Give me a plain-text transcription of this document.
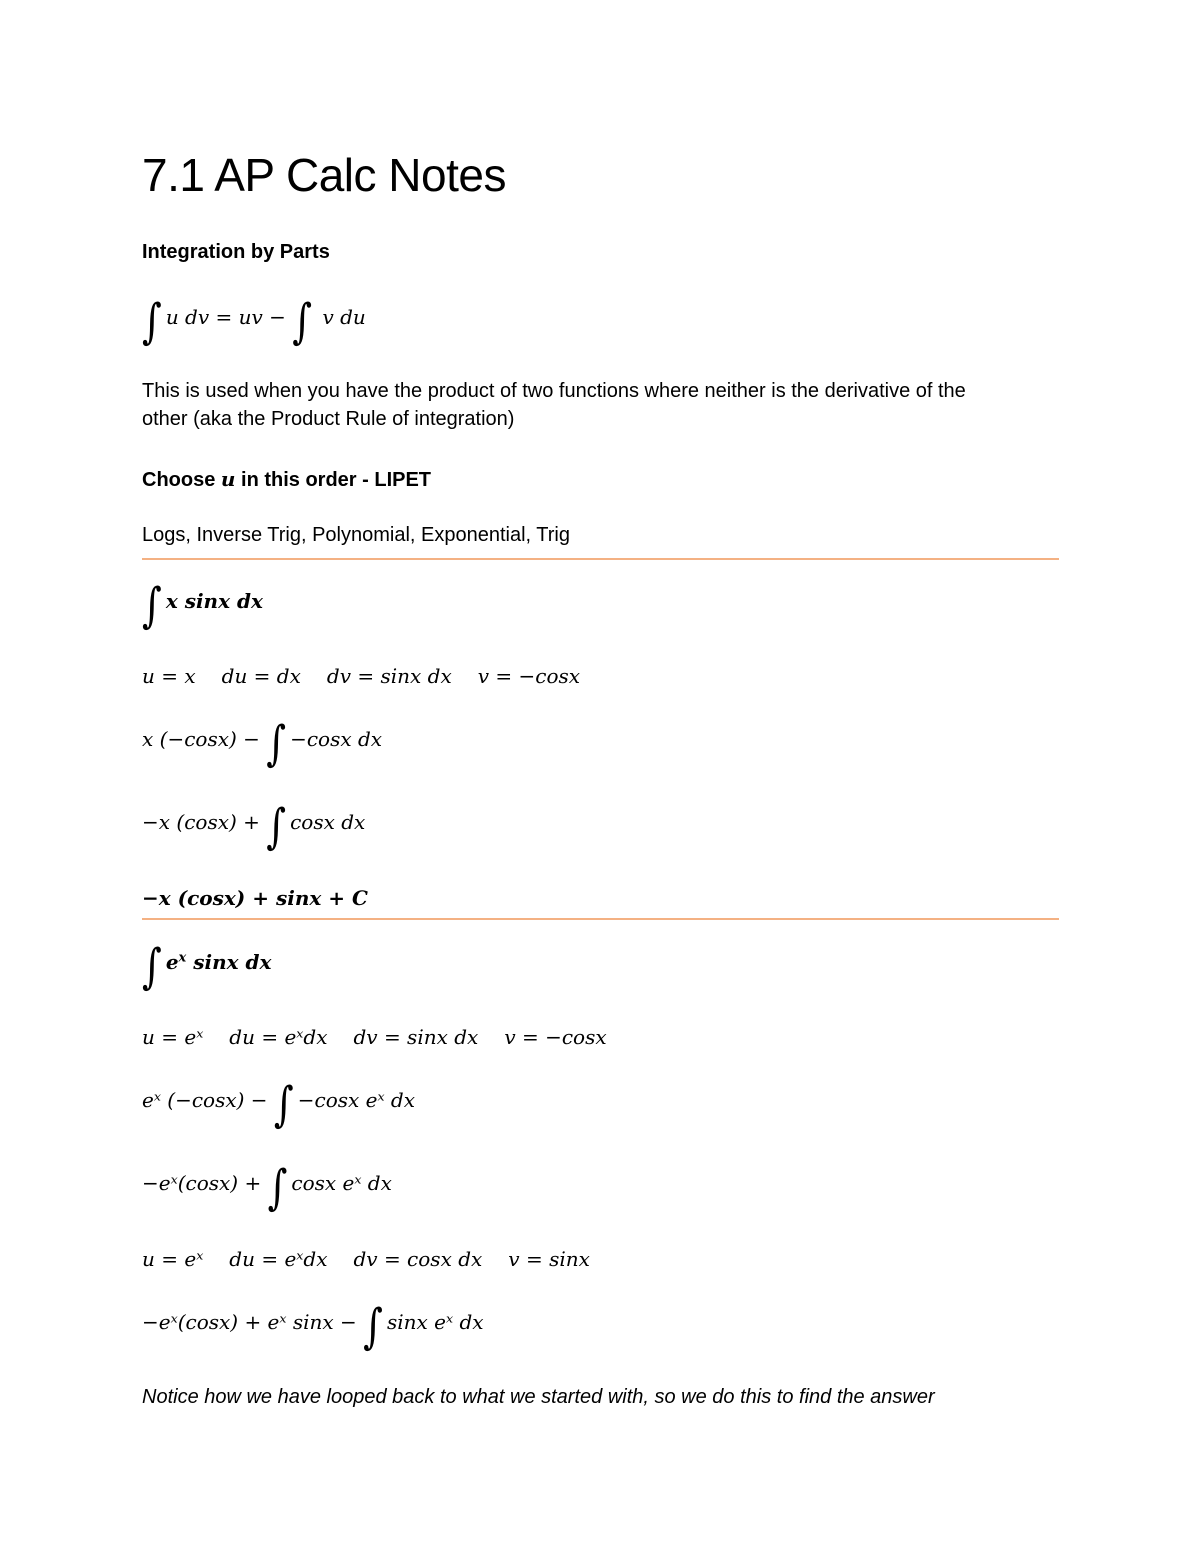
7.1 AP Calc Notes
Integration by Parts
∫ u dv = uv − ∫ v du
This is used when you have the product of two functions where neither is the derivative of the
other (aka the Product Rule of integration)
Choose u in this order - LIPET
Logs, Inverse Trig, Polynomial, Exponential, Trig
∫ x sinx dx
u = x du = dx dv = sinx dx v = −cosx
x (−cosx) − ∫ −cosx dx
−x (cosx) + ∫ cosx dx
−x (cosx) + sinx + C
∫ $e^x$ sinx dx
u = eˣ du = eˣdx dv = sinx dx v = −cosx
eˣ (−cosx) − ∫ −cosx eˣ dx
−eˣ(cosx) + ∫ cosx eˣ dx
u = eˣ du = eˣdx dv = cosx dx v = sinx
−eˣ(cosx) + eˣ sinx − ∫ sinx eˣ dx
Notice how we have looped back to what we started with, so we do this to find the answer
